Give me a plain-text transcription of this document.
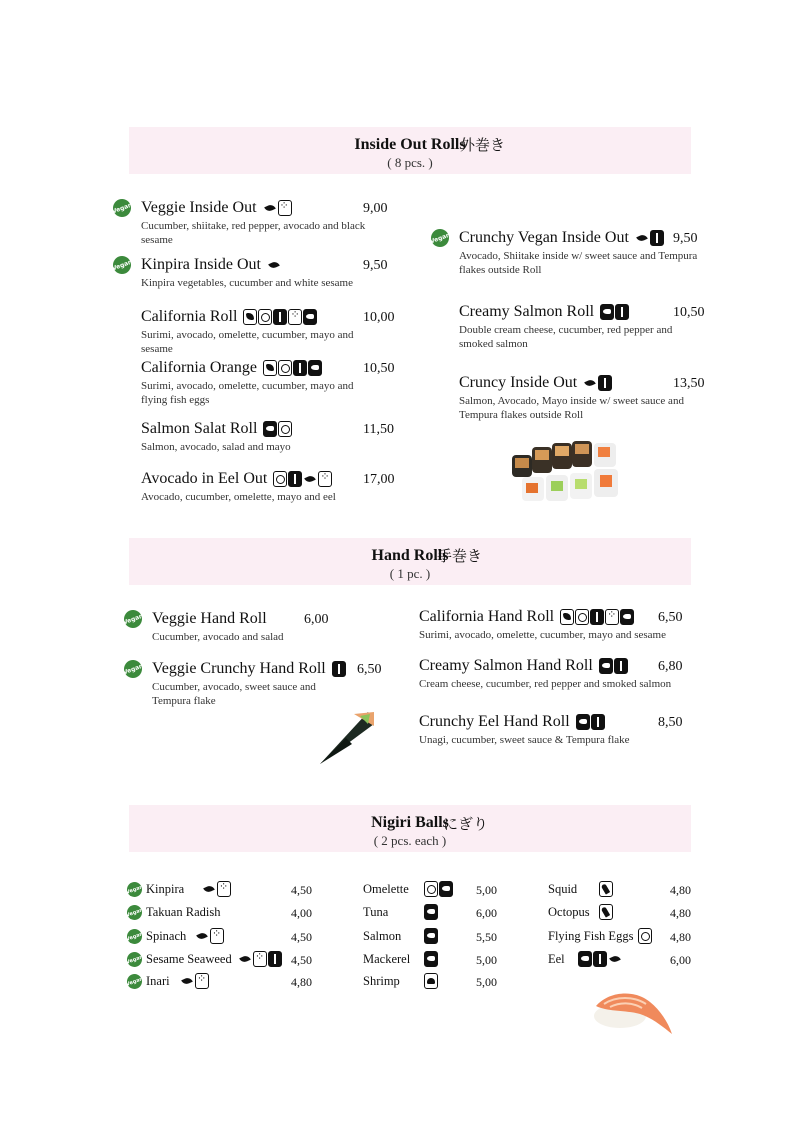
Inside Out Rolls
外巻き
( 8 pcs. )
Hand Rolls
手巻き
( 1 pc. )
Nigiri Balls
にぎり
( 2 pcs. each )
Vegan Veggie Inside Out ⁘	9,00
Cucumber, shiitake, red pepper, avocado and black sesame
Vegan Kinpira Inside Out	9,50
Kinpira vegetables, cucumber and white sesame
California Roll ⁘	10,00
Surimi, avocado, omelette, cucumber, mayo and sesame
California Orange	10,50
Surimi, avocado, omelette, cucumber, mayo and flying fish eggs
Salmon Salat Roll	11,50
Salmon, avocado, salad and mayo
Avocado in Eel Out ⁘	17,00
Avocado, cucumber, omelette, mayo and eel
Vegan Crunchy Vegan Inside Out	9,50
Avocado, Shiitake inside w/ sweet sauce and Tempura flakes outside Roll
Creamy Salmon Roll	10,50
Double cream cheese, cucumber, red pepper and smoked salmon
Cruncy Inside Out	13,50
Salmon, Avocado, Mayo inside w/ sweet sauce and Tempura flakes outside Roll
Vegan Veggie Hand Roll	6,00
Cucumber, avocado and salad
Vegan Veggie Crunchy Hand Roll	6,50
Cucumber, avocado, sweet sauce and Tempura flake
California Hand Roll ⁘	6,50
Surimi, avocado, omelette, cucumber, mayo and sesame
Creamy Salmon Hand Roll	6,80
Cream cheese, cucumber, red pepper and smoked salmon
Crunchy Eel Hand Roll	8,50
Unagi, cucumber, sweet sauce & Tempura flake
Vegan Kinpira ⁘	4,50
Vegan Takuan Radish	4,00
Vegan Spinach ⁘	4,50
Vegan Sesame Seaweed ⁘	4,50
Vegan Inari ⁘	4,80
Omelette	5,00
Tuna	6,00
Salmon	5,50
Mackerel	5,00
Shrimp	5,00
Squid	4,80
Octopus	4,80
Flying Fish Eggs	4,80
Eel	6,00
